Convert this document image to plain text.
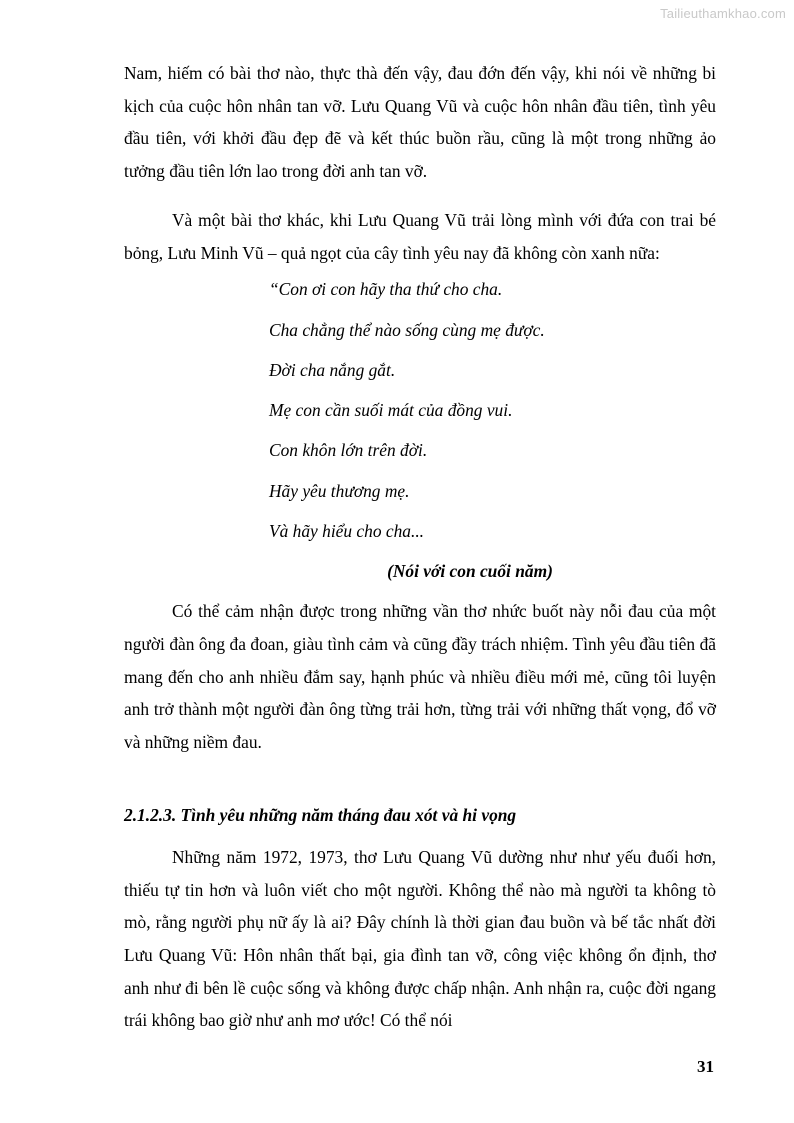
Tailieuthamkhao.com

Nam, hiếm có bài thơ nào, thực thà đến vậy, đau đớn đến vậy, khi nói về những bi kịch của cuộc hôn nhân tan vỡ. Lưu Quang Vũ và cuộc hôn nhân đầu tiên, tình yêu đầu tiên, với khởi đầu đẹp đẽ và kết thúc buồn rầu, cũng là một trong những ảo tưởng đầu tiên lớn lao trong đời anh tan vỡ.

Và một bài thơ khác, khi Lưu Quang Vũ trải lòng mình với đứa con trai bé bỏng, Lưu Minh Vũ – quả ngọt của cây tình yêu nay đã không còn xanh nữa:

“Con ơi con hãy tha thứ cho cha.

Cha chẳng thể nào sống cùng mẹ được.

Đời cha nắng gắt.

Mẹ con cần suối mát của đồng vui.

Con khôn lớn trên đời.

Hãy yêu thương mẹ.

Và hãy hiểu cho cha...

(Nói với con cuối năm)

Có thể cảm nhận được trong những vần thơ nhức buốt này nỗi đau của một người đàn ông đa đoan, giàu tình cảm và cũng đầy trách nhiệm. Tình yêu đầu tiên đã mang đến cho anh nhiều đắm say, hạnh phúc và nhiều điều mới mẻ, cũng tôi luyện anh trở thành một người đàn ông từng trải hơn, từng trải với những thất vọng, đổ vỡ và những niềm đau.

2.1.2.3. Tình yêu những năm tháng đau xót và hi vọng

Những năm 1972, 1973, thơ Lưu Quang Vũ dường như như yếu đuối hơn, thiếu tự tin hơn và luôn viết cho một người. Không thể nào mà người ta không tò mò, rằng người phụ nữ ấy là ai? Đây chính là thời gian đau buồn và bế tắc nhất đời Lưu Quang Vũ: Hôn nhân thất bại, gia đình tan vỡ, công việc không ổn định, thơ anh như đi bên lề cuộc sống và không được chấp nhận. Anh nhận ra, cuộc đời ngang trái không bao giờ như anh mơ ước! Có thể nói

31
